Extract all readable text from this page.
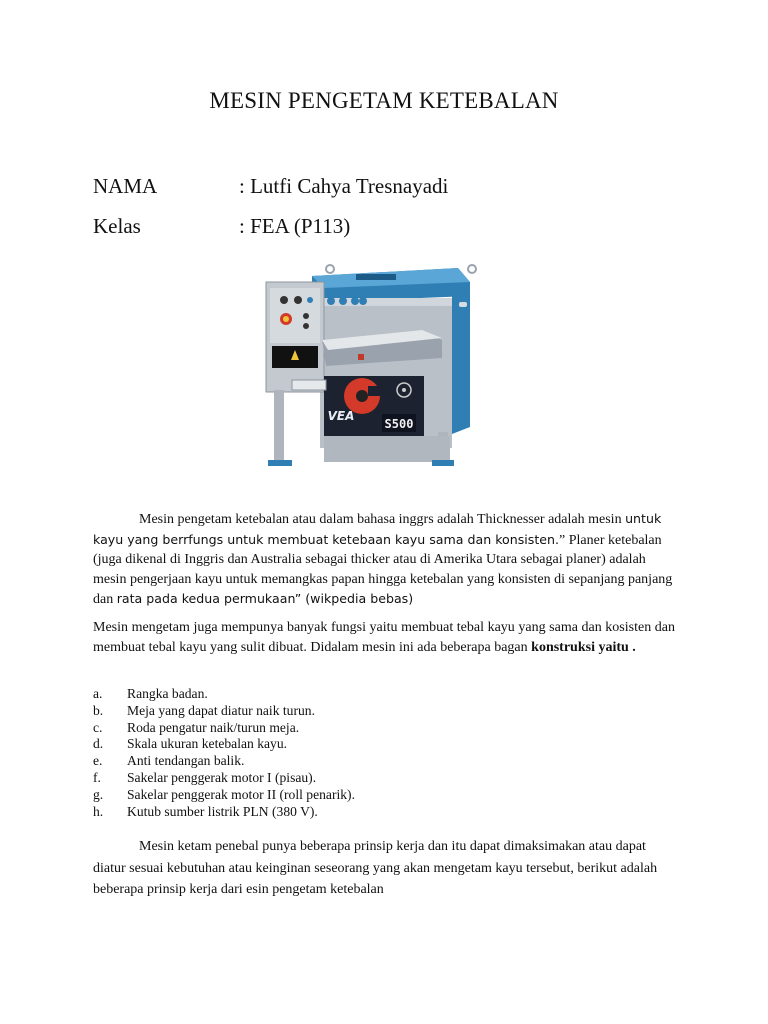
MESIN PENGETAM KETEBALAN
NAMA	: Lutfi Cahya Tresnayadi
Kelas	: FEA (P113)
S500
VEA

Mesin pengetam ketebalan atau dalam bahasa inggrs adalah Thicknesser adalah mesin untuk kayu yang berrfungs untuk membuat ketebaan kayu sama dan konsisten.” Planer ketebalan (juga dikenal di Inggris dan Australia sebagai thicker atau di Amerika Utara sebagai planer) adalah mesin pengerjaan kayu untuk memangkas papan hingga ketebalan yang konsisten di sepanjang panjang dan rata pada kedua permukaan” (wikpedia bebas)

Mesin mengetam juga mempunya banyak fungsi yaitu membuat tebal kayu yang sama dan kosisten dan membuat tebal kayu yang sulit dibuat. Didalam mesin ini ada beberapa bagan konstruksi yaitu .

a.	Rangka badan.
b.	Meja yang dapat diatur naik turun.
c.	Roda pengatur naik/turun meja.
d.	Skala ukuran ketebalan kayu.
e.	Anti tendangan balik.
f.	Sakelar penggerak motor I (pisau).
g.	Sakelar penggerak motor II (roll penarik).
h.	Kutub sumber listrik PLN (380 V).

Mesin ketam penebal punya beberapa prinsip kerja dan itu dapat dimaksimakan atau dapat diatur sesuai kebutuhan atau keinginan seseorang yang akan mengetam kayu tersebut, berikut adalah beberapa prinsip kerja dari esin pengetam ketebalan
